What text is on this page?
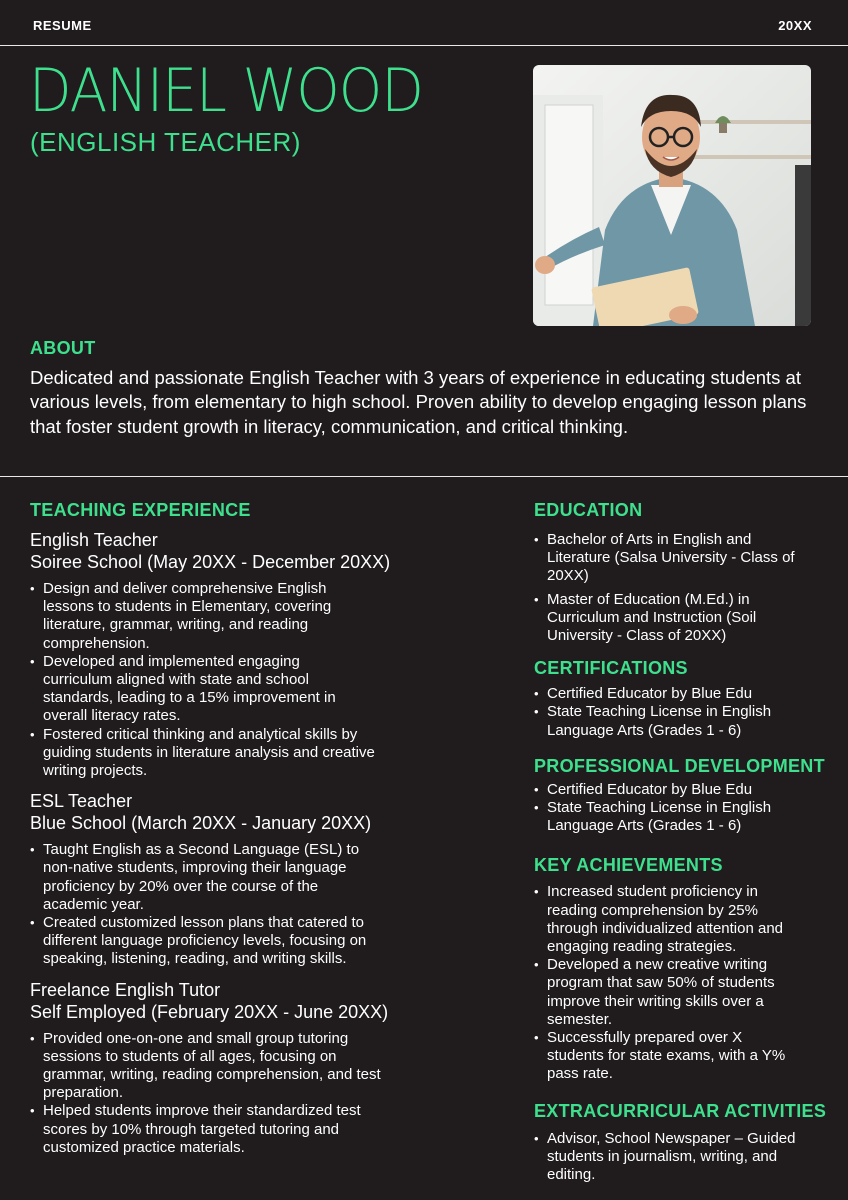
RESUME	20XX
DANIEL WOOD
(ENGLISH TEACHER)
ABOUT
Dedicated and passionate English Teacher with 3 years of experience in educating students at various levels, from elementary to high school. Proven ability to develop engaging lesson plans that foster student growth in literacy, communication, and critical thinking.
TEACHING EXPERIENCE
English Teacher
Soiree School (May 20XX - December 20XX)
• Design and deliver comprehensive English lessons to students in Elementary, covering literature, grammar, writing, and reading comprehension.
• Developed and implemented engaging curriculum aligned with state and school standards, leading to a 15% improvement in overall literacy rates.
• Fostered critical thinking and analytical skills by guiding students in literature analysis and creative writing projects.
ESL Teacher
Blue School (March 20XX - January 20XX)
• Taught English as a Second Language (ESL) to non-native students, improving their language proficiency by 20% over the course of the academic year.
• Created customized lesson plans that catered to different language proficiency levels, focusing on speaking, listening, reading, and writing skills.
Freelance English Tutor
Self Employed (February 20XX - June 20XX)
• Provided one-on-one and small group tutoring sessions to students of all ages, focusing on grammar, writing, reading comprehension, and test preparation.
• Helped students improve their standardized test scores by 10% through targeted tutoring and customized practice materials.
EDUCATION
• Bachelor of Arts in English and Literature (Salsa University - Class of 20XX)
• Master of Education (M.Ed.) in Curriculum and Instruction (Soil University - Class of 20XX)
CERTIFICATIONS
• Certified Educator by Blue Edu
• State Teaching License in English Language Arts (Grades 1 - 6)
PROFESSIONAL DEVELOPMENT
• Certified Educator by Blue Edu
• State Teaching License in English Language Arts (Grades 1 - 6)
KEY ACHIEVEMENTS
• Increased student proficiency in reading comprehension by 25% through individualized attention and engaging reading strategies.
• Developed a new creative writing program that saw 50% of students improve their writing skills over a semester.
• Successfully prepared over X students for state exams, with a Y% pass rate.
EXTRACURRICULAR ACTIVITIES
• Advisor, School Newspaper – Guided students in journalism, writing, and editing.
